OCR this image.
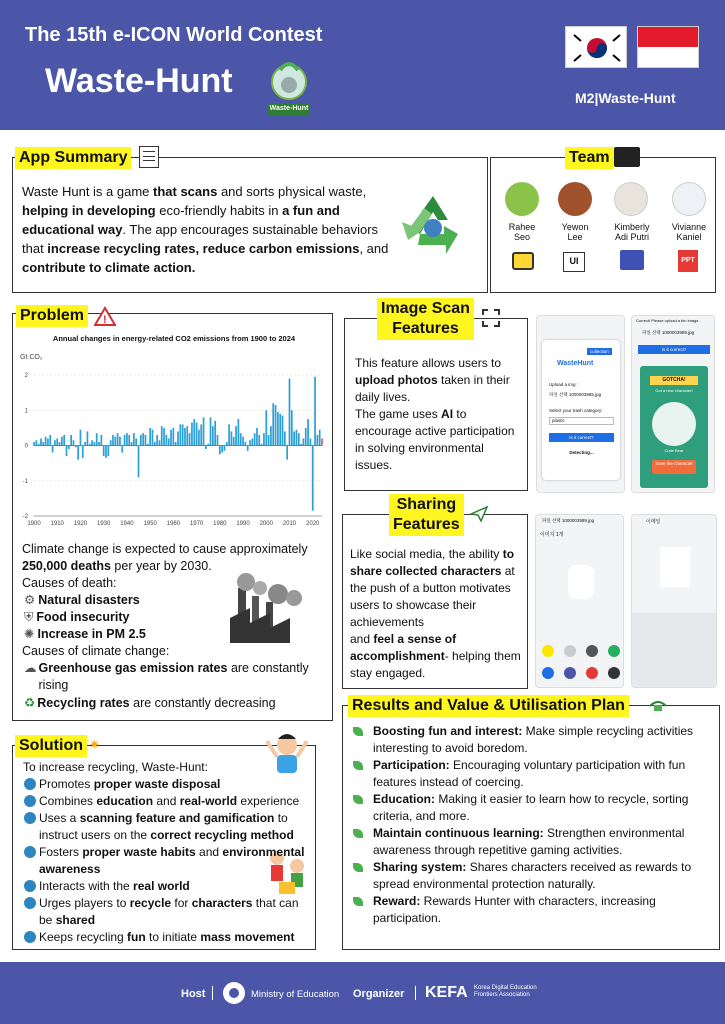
The 15th e-ICON World Contest
Waste-Hunt
Waste-Hunt
M2|Waste-Hunt
App Summary
Waste Hunt is a game that scans and sorts physical waste, helping in developing eco-friendly habits in a fun and educational way. The app encourages sustainable behaviors that increase recycling rates, reduce carbon emissions, and contribute to climate action.
Team
Rahee
Seo
Yewon
Lee
Kimberly
Adi Putri
Vivianne
Kaniel
UI	PPT
Problem	!
Annual changes in energy-related CO2 emissions from 1900 to 2024
Gt CO₂
-2
-1
0
1
2
1900 1910 1920 1930 1940 1950 1960 1970 1980 1990 2000 2010 2020
Climate change is expected to cause approximately 250,000 deaths per year by 2030.
Causes of death:
⚙ Natural disasters
⛨ Food insecurity
✺ Increase in PM 2.5
Causes of climate change:
☁ Greenhouse gas emission rates are constantly rising
♻ Recycling rates are constantly decreasing
Image Scan
Features
This feature allows users to upload photos taken in their daily lives.
The game uses AI to encourage active participation in solving environmental issues.
collection
WasteHunt
Upload a img :
파일 선택 1000003985.jpg
Select your trash category:
plastic
Is it correct?
Detecting...
Correct! Please upload a bin image.
파일 선택 1000003989.jpg
Is it correct?
GOTCHA!
Got a new character!
Cutie Bear
Save the character
Sharing
Features
Like social media, the ability to share collected characters at the push of a button motivates users to showcase their achievements
and feel a sense of accomplishment- helping them stay engaged.
파일 선택 1000003989.jpg
이미지 1개
이메일
Solution ✷
To increase recycling, Waste-Hunt:
Promotes proper waste disposal
Combines education and real-world experience
Uses a scanning feature and gamification to instruct users on the correct recycling method
Fosters proper waste habits and environmental awareness
Interacts with the real world
Urges players to recycle for characters that can be shared
Keeps recycling fun to initiate mass movement
Results and Value & Utilisation Plan
Boosting fun and interest: Make simple recycling activities interesting to avoid boredom.
Participation: Encouraging voluntary participation with fun features instead of coercing.
Education: Making it easier to learn how to recycle, sorting criteria, and more.
Maintain continuous learning: Strengthen environmental awareness through repetitive gaming activities.
Sharing system: Shares characters received as rewards to spread environmental protection naturally.
Reward: Rewards Hunter with characters, increasing participation.
Host	Ministry of Education Organizer KEFA Korea Digital Education
Frontiers Association
